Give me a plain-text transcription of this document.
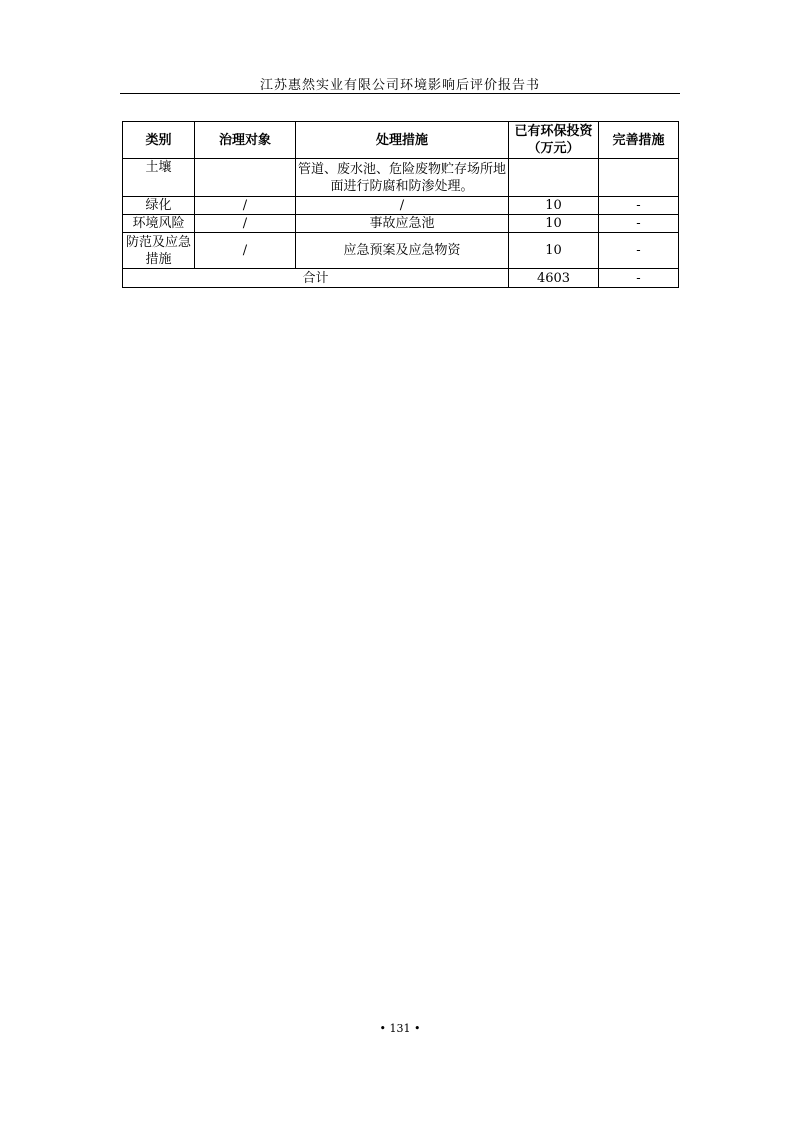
江苏惠然实业有限公司环境影响后评价报告书
类别	治理对象	处理措施	已有环保投资（万元）	完善措施
土壤		管道、废水池、危险废物贮存场所地面进行防腐和防渗处理。		
绿化	/	/	10	-
环境风险	/	事故应急池	10	-
防范及应急措施	/	应急预案及应急物资	10	-
合计			4603	-
• 131 •
